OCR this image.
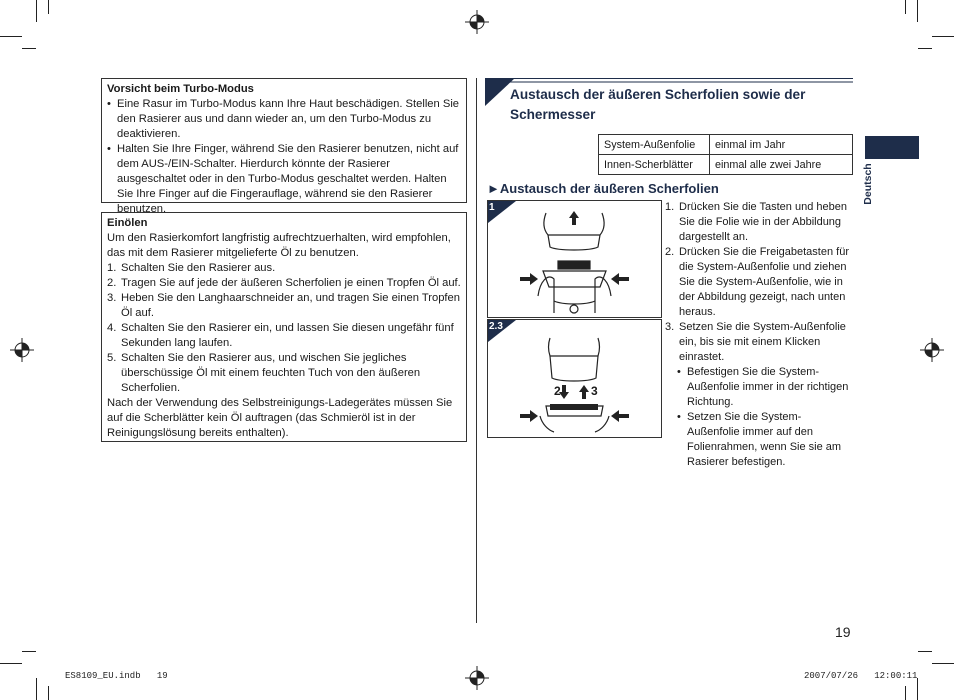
Vorsicht beim Turbo-Modus
• Eine Rasur im Turbo-Modus kann Ihre Haut beschädigen. Stellen Sie den Rasierer aus und dann wieder an, um den Turbo-Modus zu deaktivieren.
• Halten Sie Ihre Finger, während Sie den Rasierer benutzen, nicht auf dem AUS-/EIN-Schalter. Hierdurch könnte der Rasierer ausgeschaltet oder in den Turbo-Modus geschaltet werden. Halten Sie Ihre Finger auf die Fingerauflage, während sie den Rasierer benutzen.
Einölen
Um den Rasierkomfort langfristig aufrechtzuerhalten, wird empfohlen, das mit dem Rasierer mitgelieferte Öl zu benutzen.
1. Schalten Sie den Rasierer aus.
2. Tragen Sie auf jede der äußeren Scherfolien je einen Tropfen Öl auf.
3. Heben Sie den Langhaarschneider an, und tragen Sie einen Tropfen Öl auf.
4. Schalten Sie den Rasierer ein, und lassen Sie diesen ungefähr fünf Sekunden lang laufen.
5. Schalten Sie den Rasierer aus, und wischen Sie jegliches überschüssige Öl mit einem feuchten Tuch von den äußeren Scherfolien.
Nach der Verwendung des Selbstreinigungs-Ladegerätes müssen Sie auf die Scherblätter kein Öl auftragen (das Schmieröl ist in der Reinigungslösung bereits enthalten).
Austausch der äußeren Scherfolien sowie der Schermesser
System-Außenfolie	einmal im Jahr
Innen-Scherblätter	einmal alle zwei Jahre
►Austausch der äußeren Scherfolien
1
2.3
2	3
1. Drücken Sie die Tasten und heben Sie die Folie wie in der Abbildung dargestellt an.
2. Drücken Sie die Freigabetasten für die System-Außenfolie und ziehen Sie die System-Außenfolie, wie in der Abbildung gezeigt, nach unten heraus.
3. Setzen Sie die System-Außenfolie ein, bis sie mit einem Klicken einrastet.
• Befestigen Sie die System-Außenfolie immer in der richtigen Richtung.
• Setzen Sie die System-Außenfolie immer auf den Folienrahmen, wenn Sie sie am Rasierer befestigen.
Deutsch
19
ES8109_EU.indb   19	2007/07/26   12:00:11
